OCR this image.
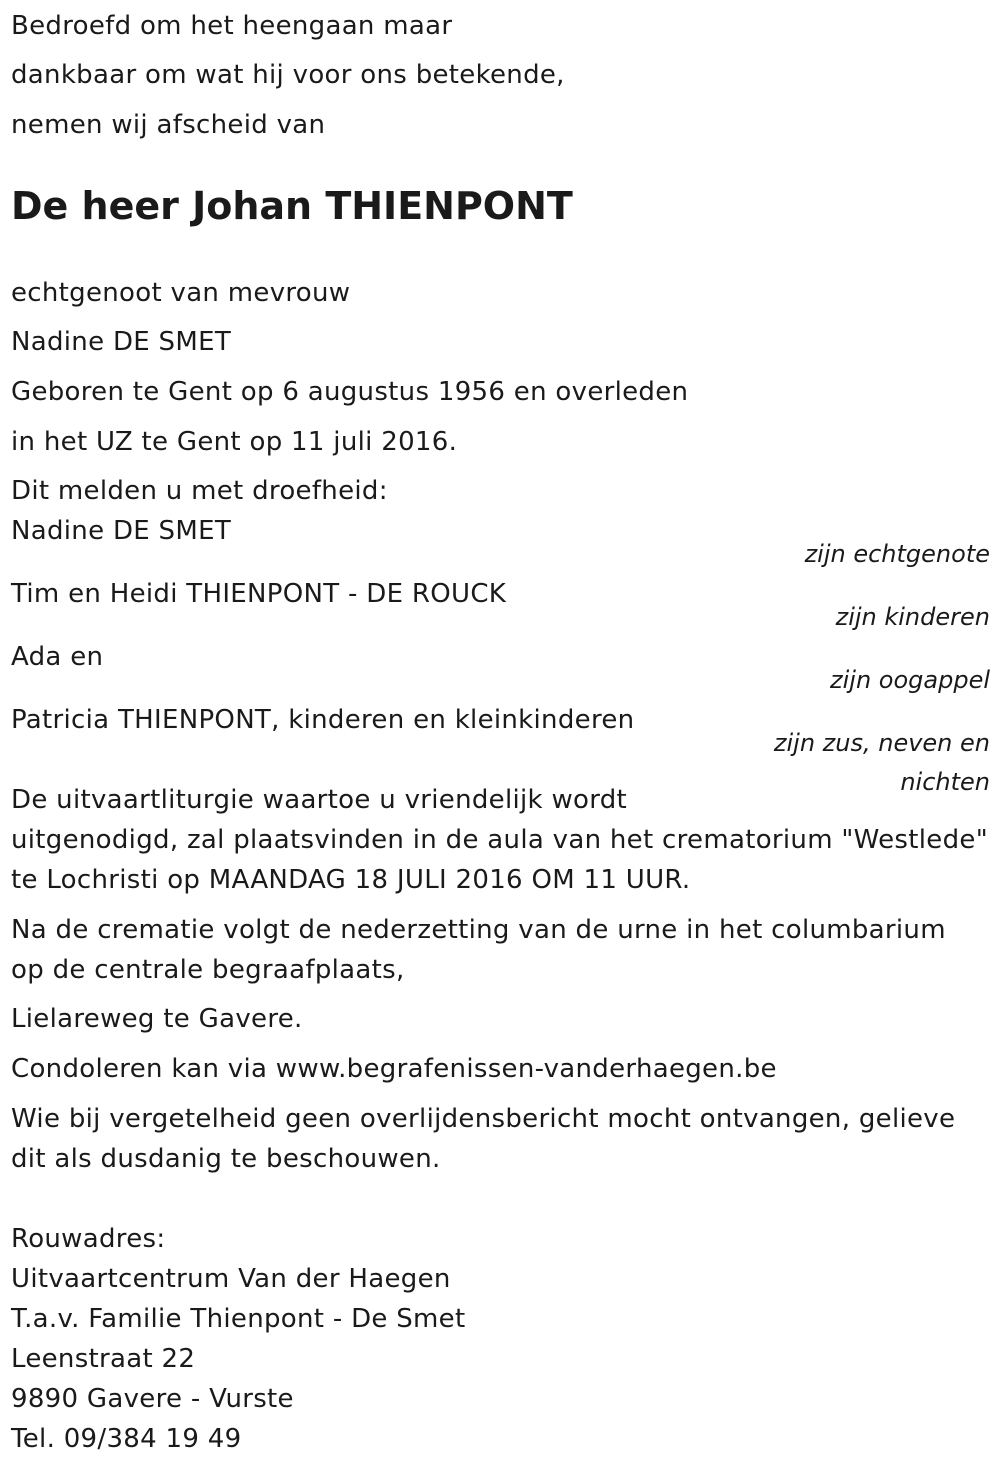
Bedroefd om het heengaan maar
dankbaar om wat hij voor ons betekende,
nemen wij afscheid van
De heer Johan THIENPONT
echtgenoot van mevrouw
Nadine DE SMET
Geboren te Gent op 6 augustus 1956 en overleden
in het UZ te Gent op 11 juli 2016.
Dit melden u met droefheid:
Nadine DE SMET
zijn echtgenote
Tim en Heidi THIENPONT - DE ROUCK
zijn kinderen
Ada en
zijn oogappel
Patricia THIENPONT, kinderen en kleinkinderen
zijn zus, neven en
nichten
De uitvaartliturgie waartoe u vriendelijk wordt
uitgenodigd, zal plaatsvinden in de aula van het crematorium "Westlede"
te Lochristi op MAANDAG 18 JULI 2016 OM 11 UUR.
Na de crematie volgt de nederzetting van de urne in het columbarium
op de centrale begraafplaats,
Lielareweg te Gavere.
Condoleren kan via www.begrafenissen-vanderhaegen.be
Wie bij vergetelheid geen overlijdensbericht mocht ontvangen, gelieve
dit als dusdanig te beschouwen.
Rouwadres:
Uitvaartcentrum Van der Haegen
T.a.v. Familie Thienpont - De Smet
Leenstraat 22
9890 Gavere - Vurste
Tel. 09/384 19 49
